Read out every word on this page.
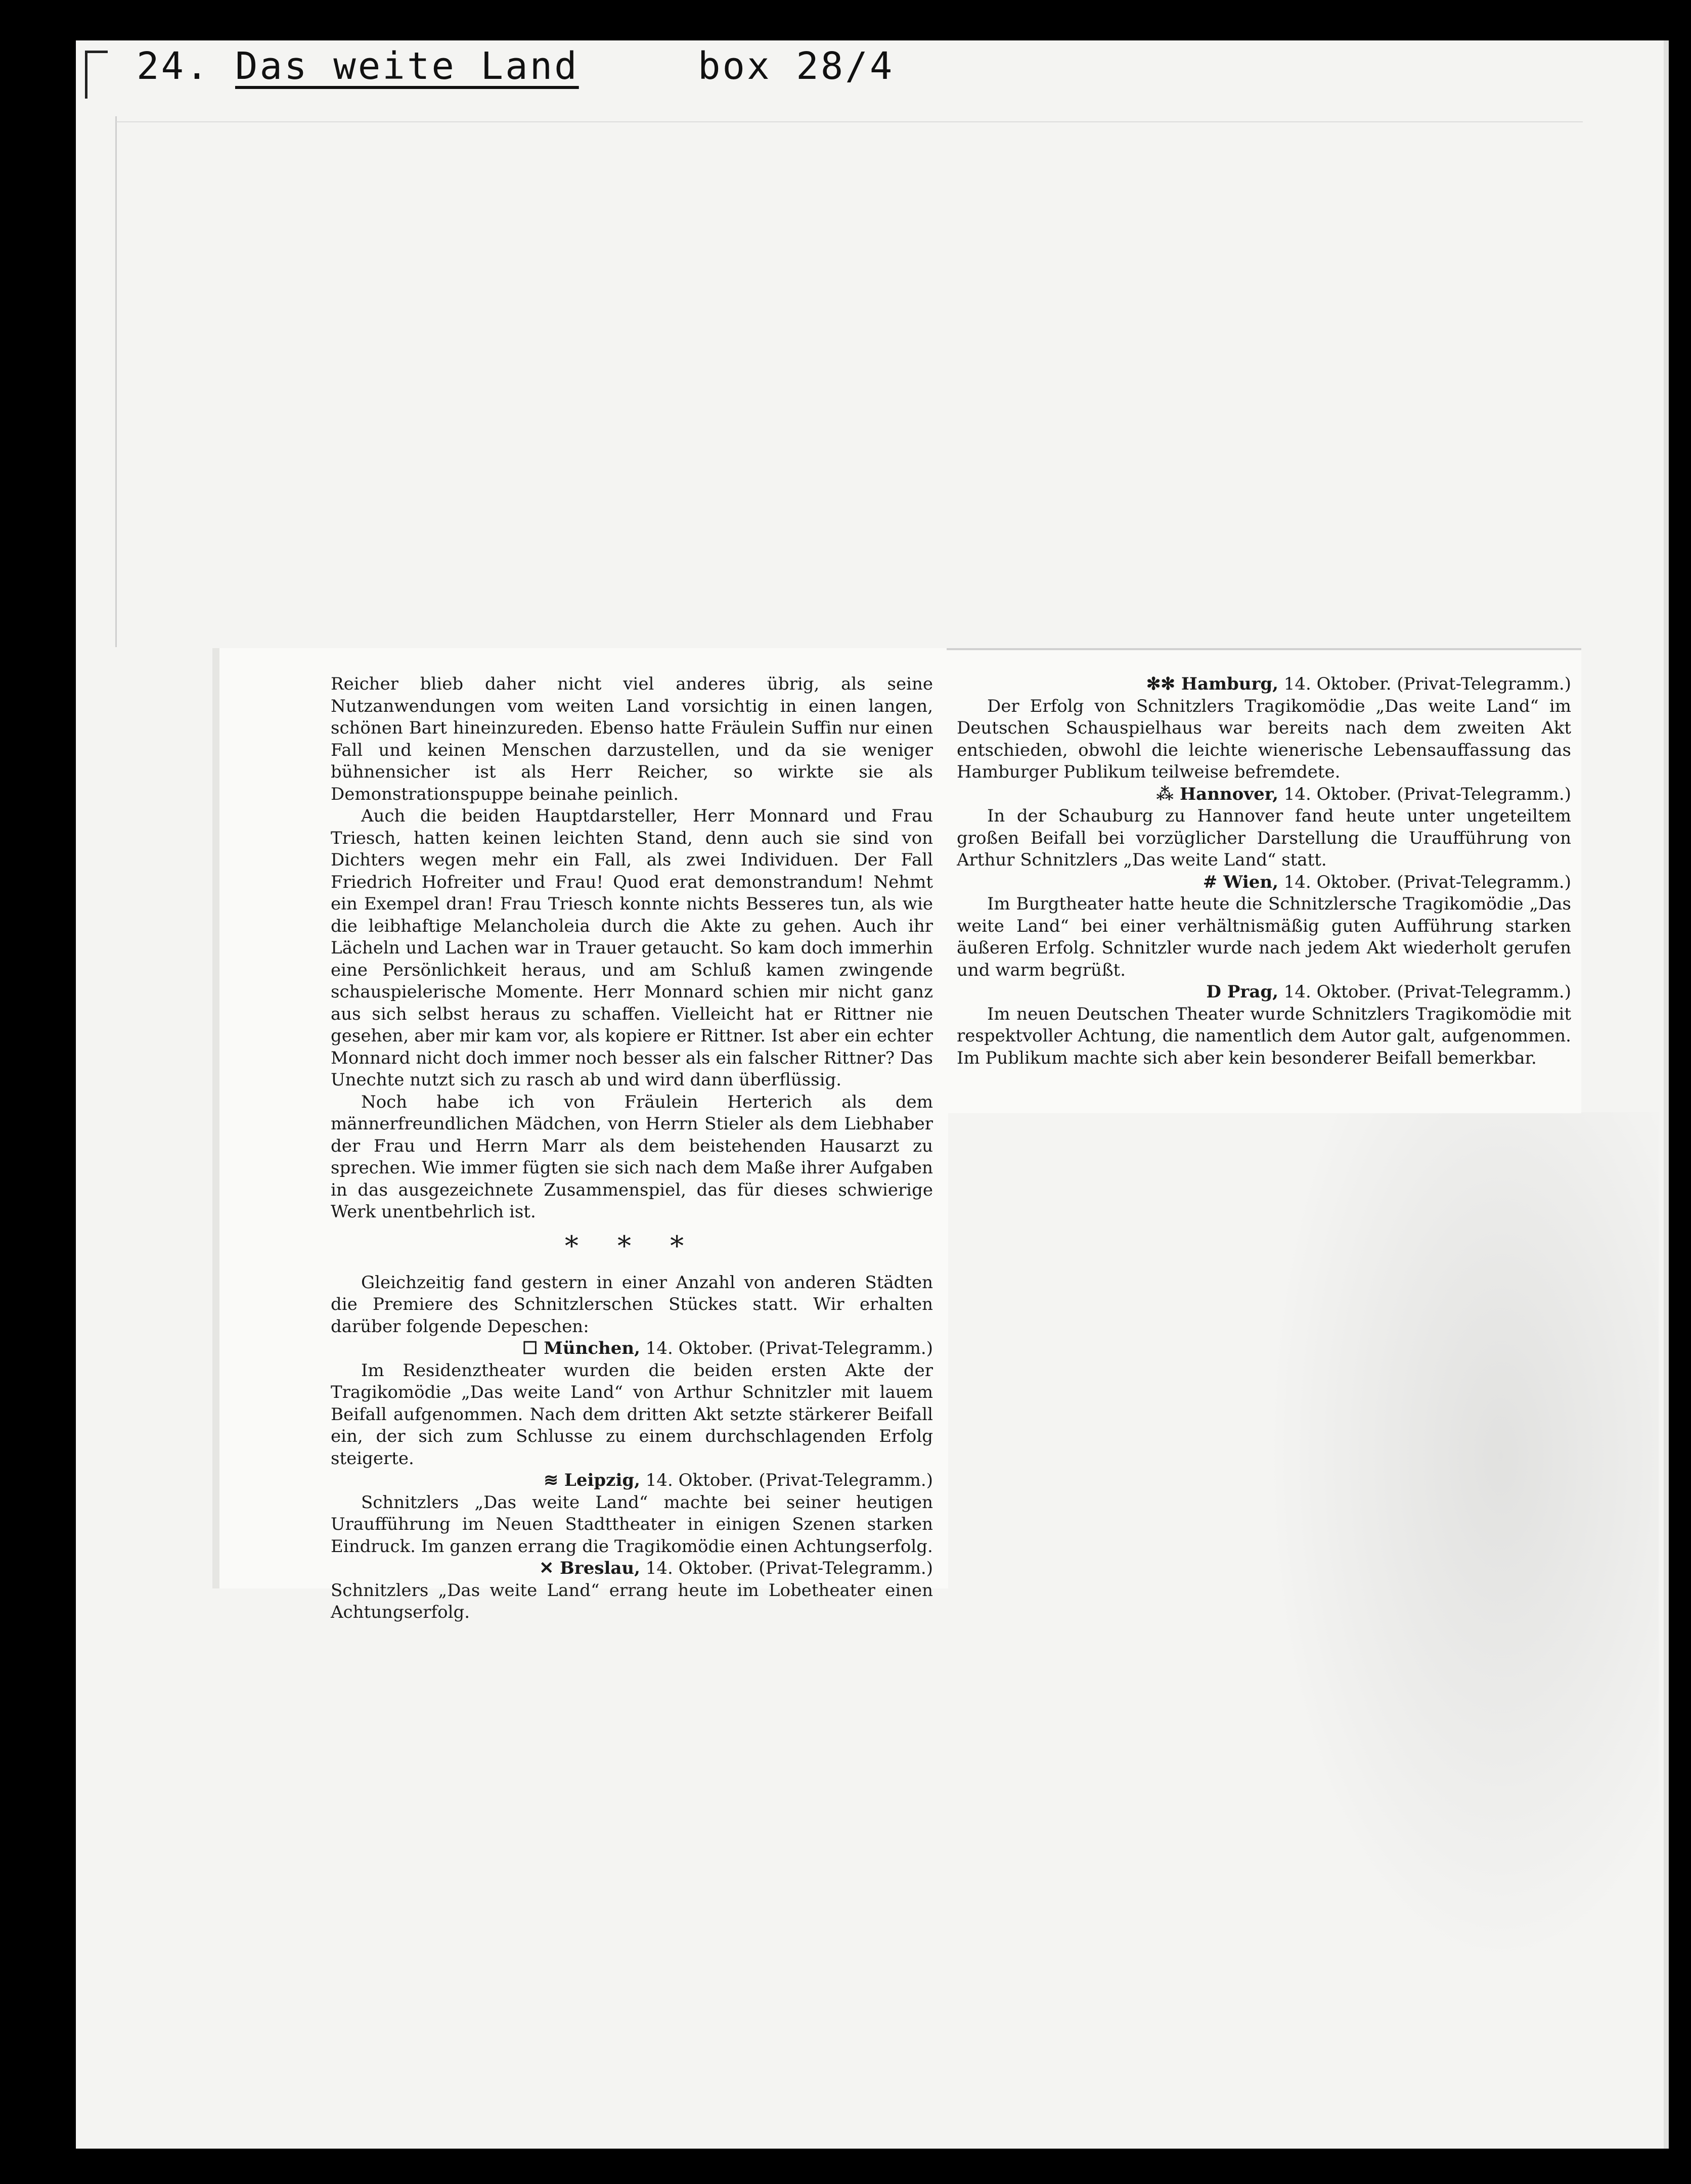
24. Das weite Land	box 28/4

Reicher blieb daher nicht viel anderes übrig, als seine Nutzanwendungen vom weiten Land vorsichtig in einen langen, schönen Bart hineinzureden. Ebenso hatte Fräulein Suffin nur einen Fall und keinen Menschen darzustellen, und da sie weniger bühnensicher ist als Herr Reicher, so wirkte sie als Demonstrationspuppe beinahe peinlich.

Auch die beiden Hauptdarsteller, Herr Monnard und Frau Triesch, hatten keinen leichten Stand, denn auch sie sind von Dichters wegen mehr ein Fall, als zwei Individuen. Der Fall Friedrich Hofreiter und Frau! Quod erat demonstrandum! Nehmt ein Exempel dran! Frau Triesch konnte nichts Besseres tun, als wie die leibhaftige Melancholeia durch die Akte zu gehen. Auch ihr Lächeln und Lachen war in Trauer getaucht. So kam doch immerhin eine Persönlichkeit heraus, und am Schluß kamen zwingende schauspielerische Momente. Herr Monnard schien mir nicht ganz aus sich selbst heraus zu schaffen. Vielleicht hat er Rittner nie gesehen, aber mir kam vor, als kopiere er Rittner. Ist aber ein echter Monnard nicht doch immer noch besser als ein falscher Rittner? Das Unechte nutzt sich zu rasch ab und wird dann überflüssig.

Noch habe ich von Fräulein Herterich als dem männerfreundlichen Mädchen, von Herrn Stieler als dem Liebhaber der Frau und Herrn Marr als dem beistehenden Hausarzt zu sprechen. Wie immer fügten sie sich nach dem Maße ihrer Aufgaben in das ausgezeichnete Zusammenspiel, das für dieses schwierige Werk unentbehrlich ist.

* * *

Gleichzeitig fand gestern in einer Anzahl von anderen Städten die Premiere des Schnitzlerschen Stückes statt. Wir erhalten darüber folgende Depeschen:

☐ München, 14. Oktober. (Privat-Telegramm.)

Im Residenztheater wurden die beiden ersten Akte der Tragikomödie „Das weite Land“ von Arthur Schnitzler mit lauem Beifall aufgenommen. Nach dem dritten Akt setzte stärkerer Beifall ein, der sich zum Schlusse zu einem durchschlagenden Erfolg steigerte.

≋ Leipzig, 14. Oktober. (Privat-Telegramm.)

Schnitzlers „Das weite Land“ machte bei seiner heutigen Uraufführung im Neuen Stadttheater in einigen Szenen starken Eindruck. Im ganzen errang die Tragikomödie einen Achtungserfolg.

✕ Breslau, 14. Oktober. (Privat-Telegramm.)

Schnitzlers „Das weite Land“ errang heute im Lobetheater einen Achtungserfolg.

✻✻ Hamburg, 14. Oktober. (Privat-Telegramm.)

Der Erfolg von Schnitzlers Tragikomödie „Das weite Land“ im Deutschen Schauspielhaus war bereits nach dem zweiten Akt entschieden, obwohl die leichte wienerische Lebensauffassung das Hamburger Publikum teilweise befremdete.

⁂ Hannover, 14. Oktober. (Privat-Telegramm.)

In der Schauburg zu Hannover fand heute unter ungeteiltem großen Beifall bei vorzüglicher Darstellung die Uraufführung von Arthur Schnitzlers „Das weite Land“ statt.

# Wien, 14. Oktober. (Privat-Telegramm.)

Im Burgtheater hatte heute die Schnitzlersche Tragikomödie „Das weite Land“ bei einer verhältnismäßig guten Aufführung starken äußeren Erfolg. Schnitzler wurde nach jedem Akt wiederholt gerufen und warm begrüßt.

D Prag, 14. Oktober. (Privat-Telegramm.)

Im neuen Deutschen Theater wurde Schnitzlers Tragikomödie mit respektvoller Achtung, die namentlich dem Autor galt, aufgenommen. Im Publikum machte sich aber kein besonderer Beifall bemerkbar.
